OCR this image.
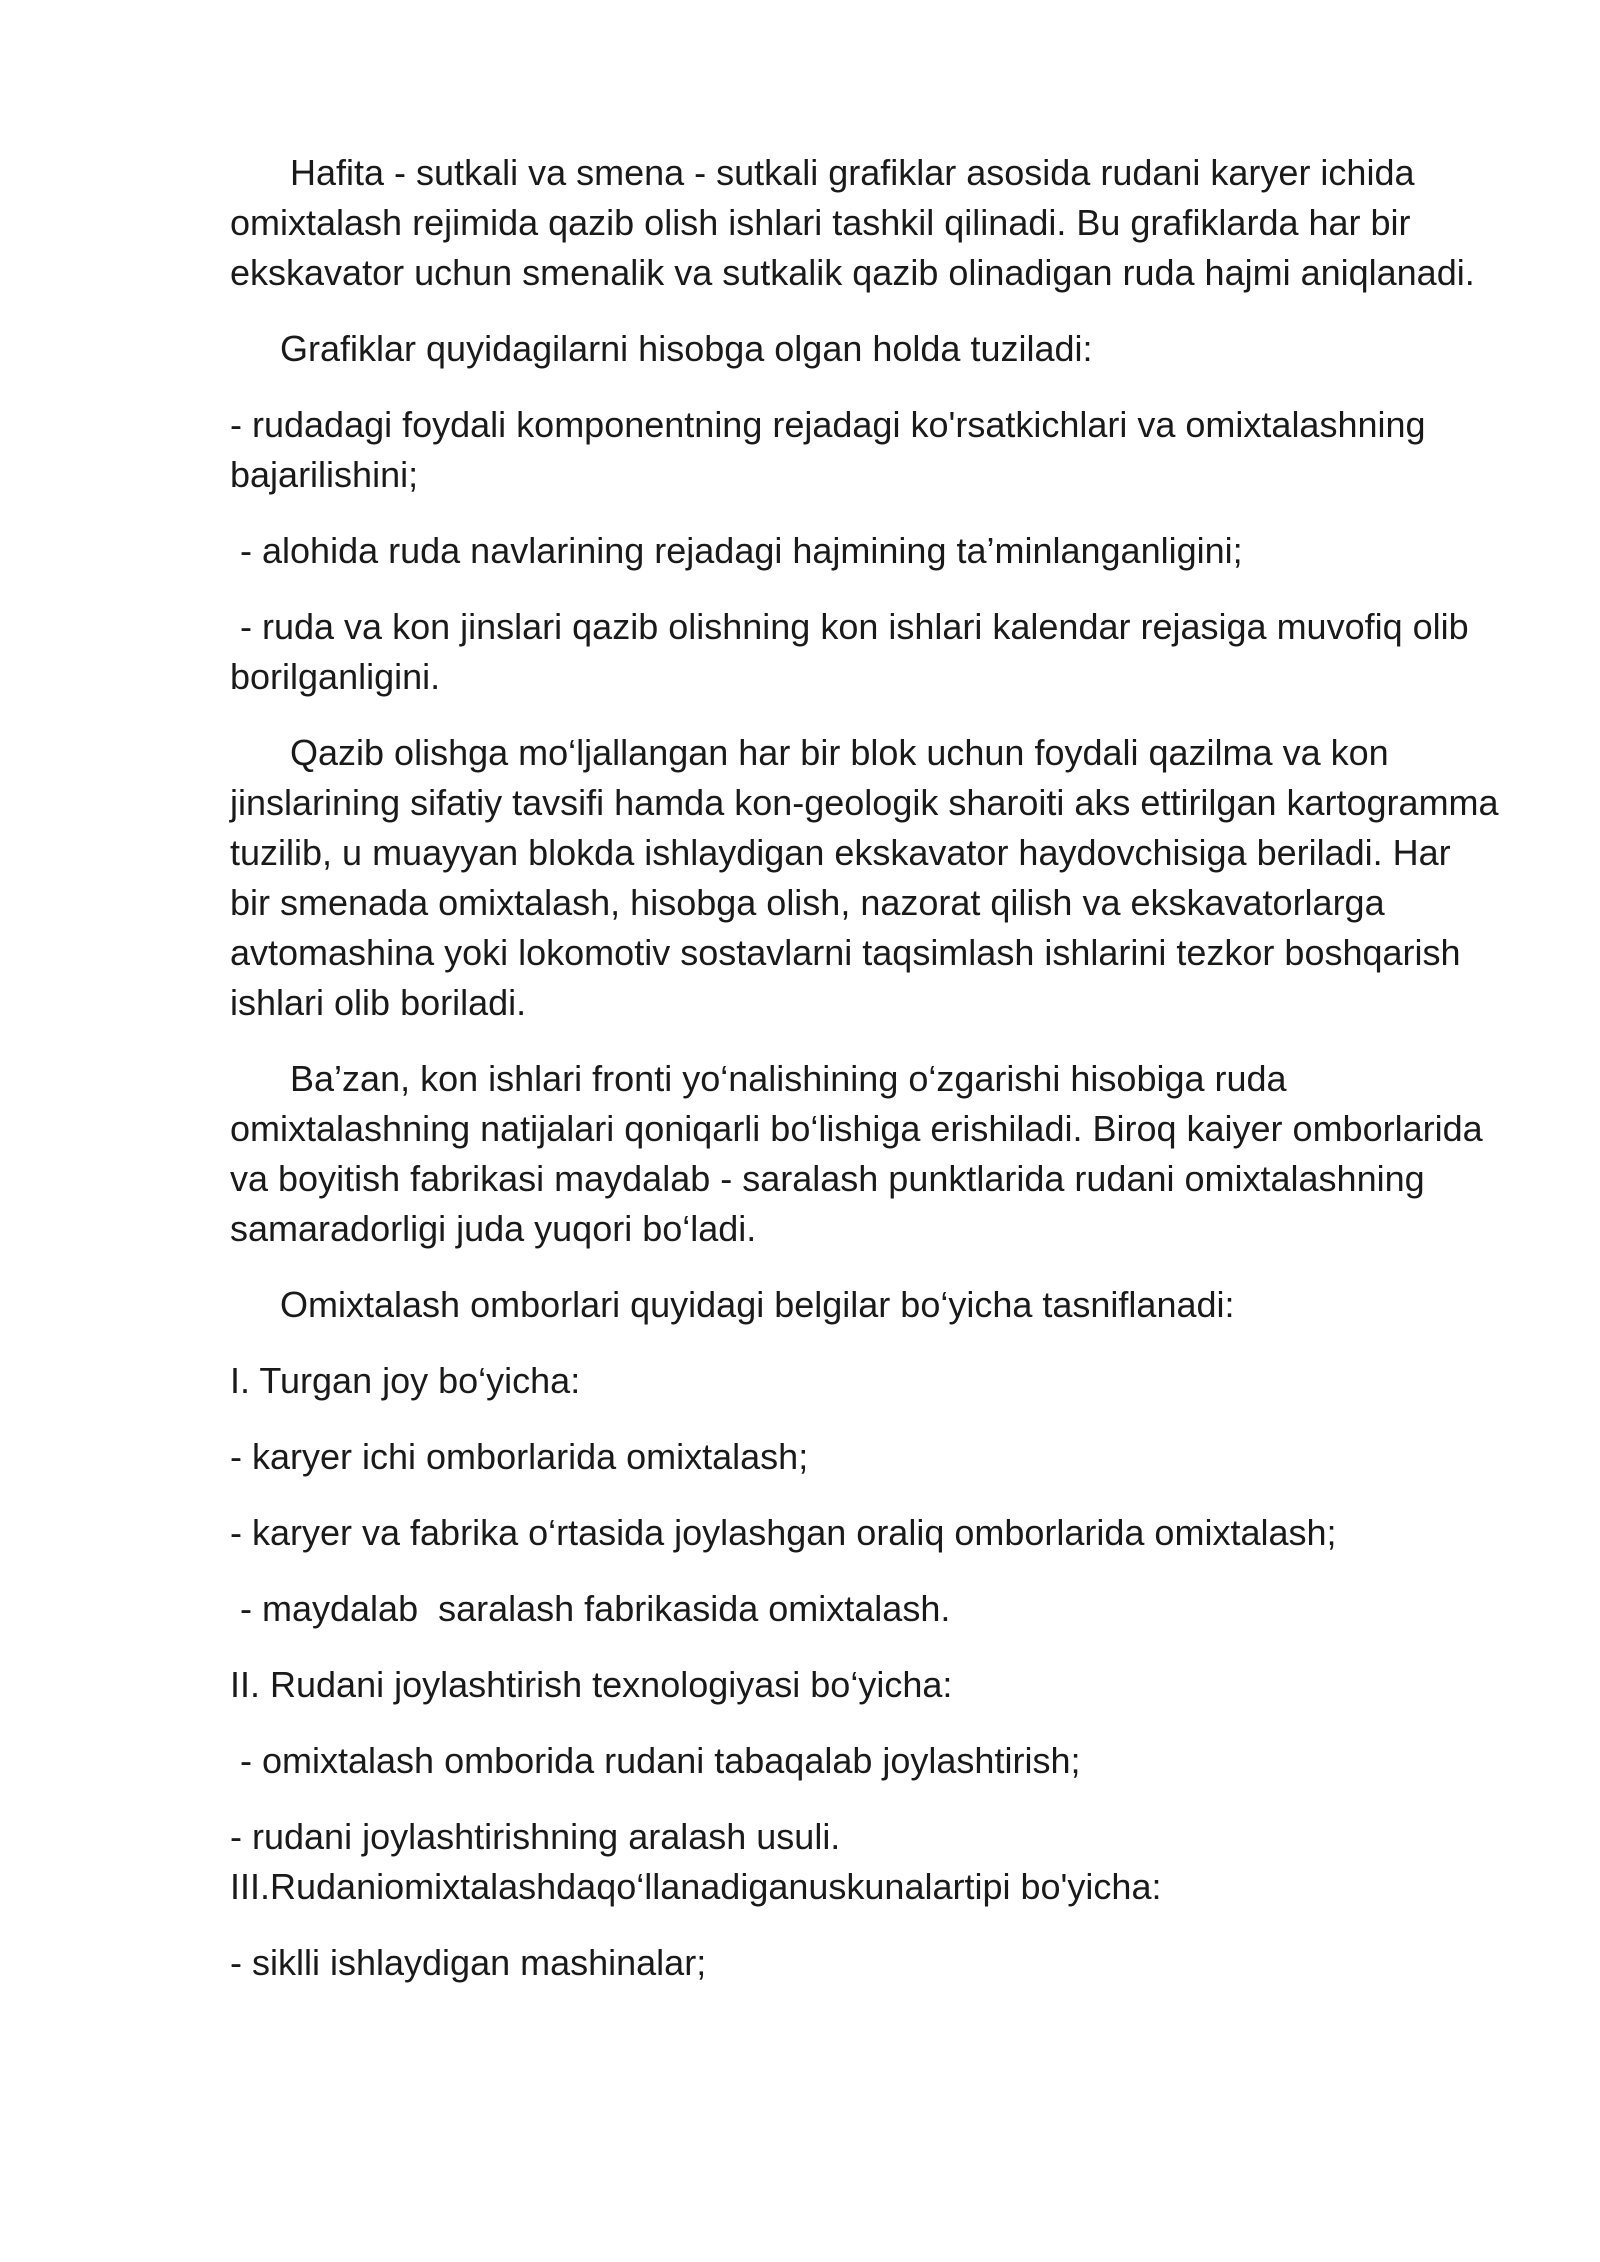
Hafita - sutkali va smena - sutkali grafiklar asosida rudani karyer ichida omixtalash rejimida qazib olish ishlari tashkil qilinadi. Bu grafiklarda har bir ekskavator uchun smenalik va sutkalik qazib olinadigan ruda hajmi aniqlanadi.

Grafiklar quyidagilarni hisobga olgan holda tuziladi:

- rudadagi foydali komponentning rejadagi ko'rsatkichlari va omixtalashning bajarilishini;

- alohida ruda navlarining rejadagi hajmining ta’minlanganligini;

- ruda va kon jinslari qazib olishning kon ishlari kalendar rejasiga muvofiq olib borilganligini.

Qazib olishga mo‘ljallangan har bir blok uchun foydali qazilma va kon jinslarining sifatiy tavsifi hamda kon-geologik sharoiti aks ettirilgan kartogramma tuzilib, u muayyan blokda ishlaydigan ekskavator haydovchisiga beriladi. Har bir smenada omixtalash, hisobga olish, nazorat qilish va ekskavatorlarga avtomashina yoki lokomotiv sostavlarni taqsimlash ishlarini tezkor boshqarish ishlari olib boriladi.

Ba’zan, kon ishlari fronti yo‘nalishining o‘zgarishi hisobiga ruda omixtalashning natijalari qoniqarli bo‘lishiga erishiladi. Biroq kaiyer omborlarida va boyitish fabrikasi maydalab - saralash punktlarida rudani omixtalashning samaradorligi juda yuqori bo‘ladi.

Omixtalash omborlari quyidagi belgilar bo‘yicha tasniflanadi:

I. Turgan joy bo‘yicha:

- karyer ichi omborlarida omixtalash;

- karyer va fabrika o‘rtasida joylashgan oraliq omborlarida omixtalash;

- maydalab  saralash fabrikasida omixtalash.

II. Rudani joylashtirish texnologiyasi bo‘yicha:

- omixtalash omborida rudani tabaqalab joylashtirish;

- rudani joylashtirishning aralash usuli.

III.Rudaniomixtalashdaqo‘llanadiganuskunalartipi bo'yicha:

- siklli ishlaydigan mashinalar;
